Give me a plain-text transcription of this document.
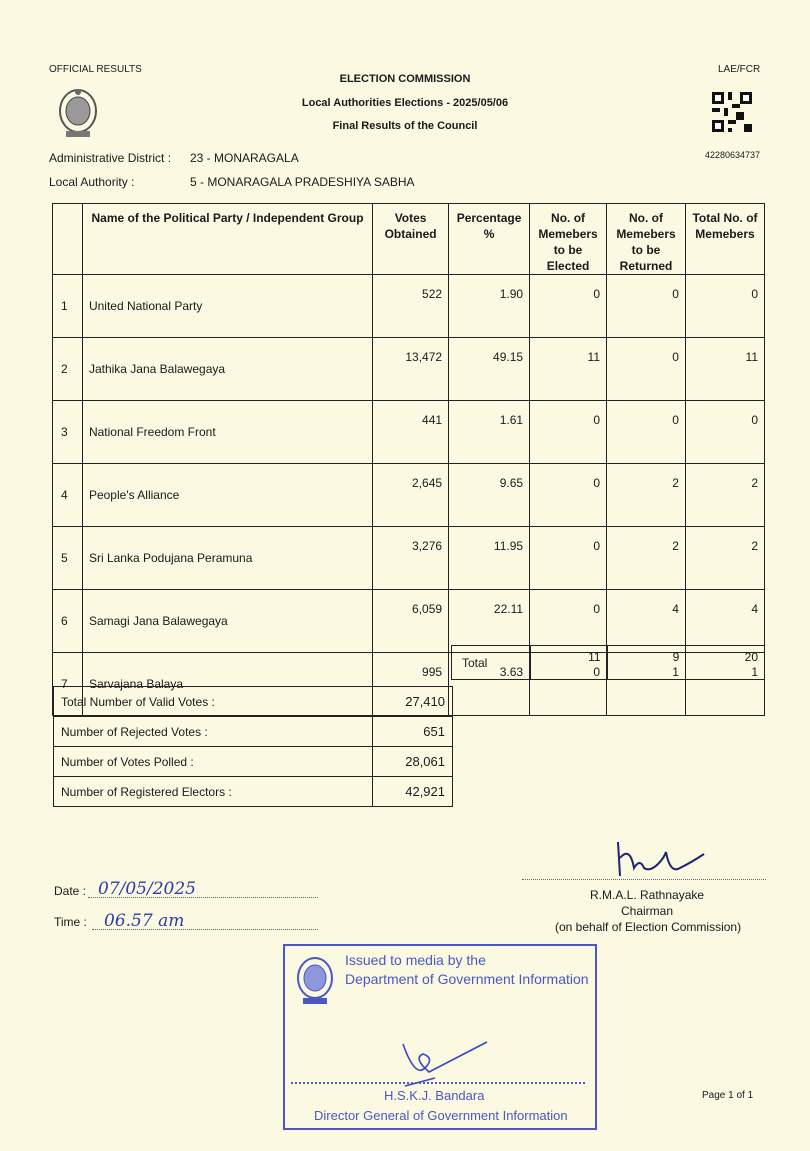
OFFICIAL RESULTS	LAE/FCR
ELECTION COMMISSION
Local Authorities Elections - 2025/05/06
Final Results of the Council
42280634737
Administrative District : 23 - MONARAGALA
Local Authority :	5 - MONARAGALA PRADESHIYA SABHA
	Name of the Political Party / Independent Group	Votes Obtained	Percentage %	No. of Memebers to be Elected	No. of Memebers to be Returned	Total No. of Memebers
1	United National Party	522	1.90	0	0	0
2	Jathika Jana Balawegaya	13,472	49.15	11	0	11
3	National Freedom Front	441	1.61	0	0	0
4	People's Alliance	2,645	9.65	0	2	2
5	Sri Lanka Podujana Peramuna	3,276	11.95	0	2	2
6	Samagi Jana Balawegaya	6,059	22.11	0	4	4
7	Sarvajana Balaya	995	3.63	0	1	1
Total	11	9	20
Total Number of Valid Votes :	27,410
Number of Rejected Votes :	651
Number of Votes Polled :	28,061
Number of Registered Electors :	42,921
Date : 07/05/2025
Time :	06.57 am
R.M.A.L. Rathnayake
Chairman
(on behalf of Election Commission)
Issued to media by the
Department of Government Information
H.S.K.J. Bandara
Director General of Government Information
Page 1 of 1
